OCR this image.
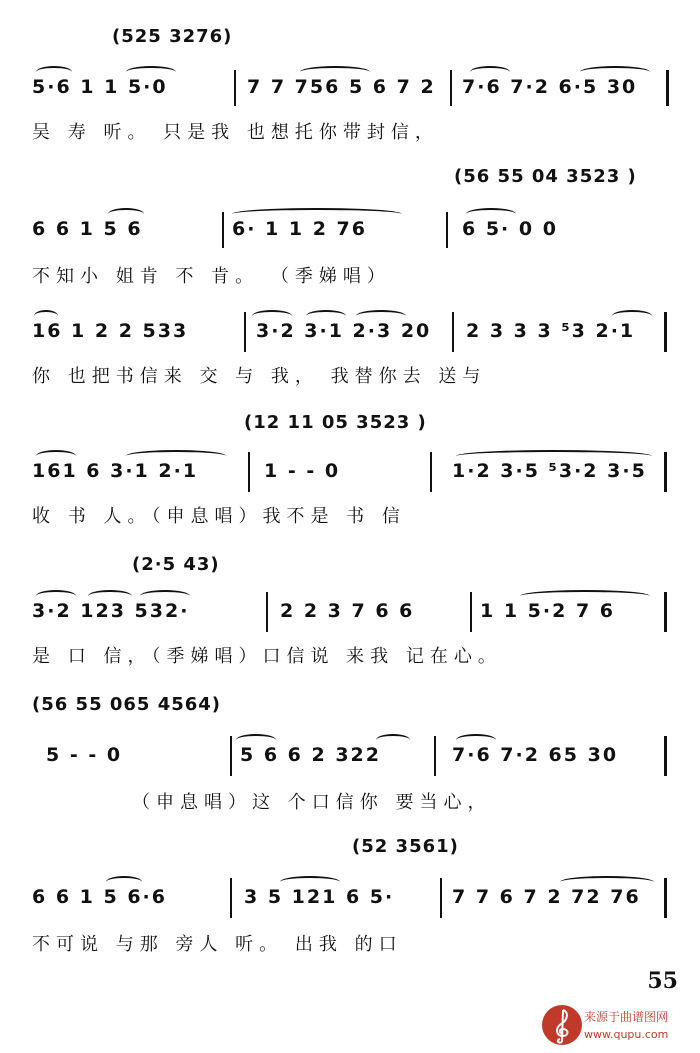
(525 3276)
5·6 1 1 5·0	7 7 756 5 6 7 2 7·6 7·2 6·5 30
吴 寿 听。 只是我 也想托你带封信，
(56 55 04 3523 )
6 6 1 5 6	6· 1 1 2 76	6 5· 0 0
不知小 姐肯 不 肯。 （季娣唱）
16 1 2 2 533	3·2 3·1 2·3 20 2 3 3 3 ⁵3 2·1
你 也把书信来 交 与 我， 我替你去 送与
(12 11 05 3523 )
161 6 3·1 2·1	1 - - 0	1·2 3·5 ⁵3·2 3·5
收 书 人。（申息唱）我不是 书 信
(2·5 43)
3·2 123 532·	2 2 3 7 6 6	1 1 5·2 7 6
是 口 信，（季娣唱）口信说 来我 记在心。
(56 55 065 4564)
5 - - 0	5 6 6 2 322	7·6 7·2 65 30
（申息唱）这 个口信你 要当心，
(52 3561)
6 6 1 5 6·6	3 5 121 6 5·	7 7 6 7 2 72 76
不可说 与那 旁人 听。 出我 的口
55
来源于曲谱图网
www.qupu.com
